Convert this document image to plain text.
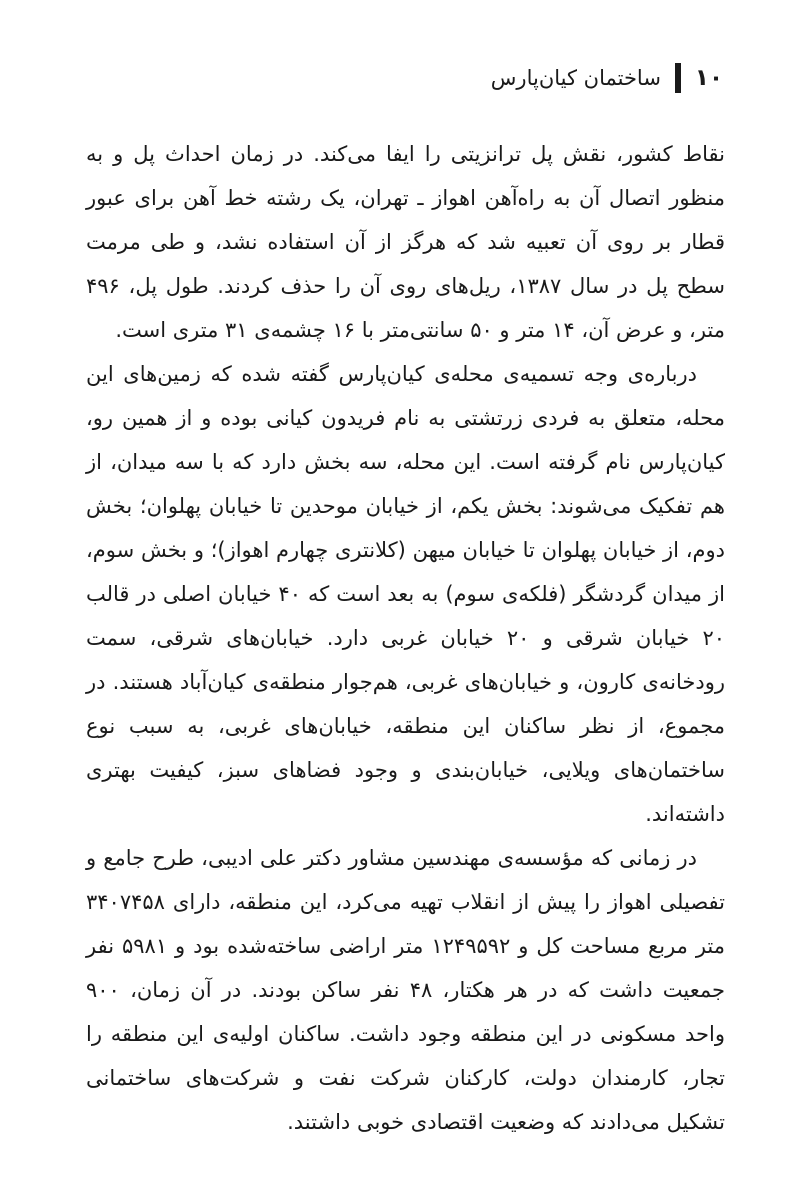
۱۰
ساختمان کیان‌پارس

نقاط کشور، نقش پل ترانزیتی را ایفا می‌کند. در زمان احداث پل و به منظور اتصال آن به راه‌آهن اهواز ـ تهران، یک رشته خط آهن برای عبور قطار بر روی آن تعبیه شد که هرگز از آن استفاده نشد، و طی مرمت سطح پل در سال ۱۳۸۷، ریل‌های روی آن را حذف کردند. طول پل، ۴۹۶ متر، و عرض آن، ۱۴ متر و ۵۰ سانتی‌متر با ۱۶ چشمه‌ی ۳۱ متری است.

درباره‌ی وجه تسمیه‌ی محله‌ی کیان‌پارس گفته شده که زمین‌های این محله، متعلق به فردی زرتشتی به نام فریدون کیانی بوده و از همین رو، کیان‌پارس نام گرفته است. این محله، سه بخش دارد که با سه میدان، از هم تفکیک می‌شوند: بخش یکم، از خیابان موحدین تا خیابان پهلوان؛ بخش دوم، از خیابان پهلوان تا خیابان میهن (کلانتری چهارم اهواز)؛ و بخش سوم، از میدان گردشگر (فلکه‌ی سوم) به بعد است که ۴۰ خیابان اصلی در قالب ۲۰ خیابان شرقی و ۲۰ خیابان غربی دارد. خیابان‌های شرقی، سمت رودخانه‌ی کارون، و خیابان‌های غربی، هم‌جوار منطقه‌ی کیان‌آباد هستند. در مجموع، از نظر ساکنان این منطقه، خیابان‌های غربی، به سبب نوع ساختمان‌های ویلایی، خیابان‌بندی و وجود فضاهای سبز، کیفیت بهتری داشته‌اند.

در زمانی که مؤسسه‌ی مهندسین مشاور دکتر علی ادیبی، طرح جامع و تفصیلی اهواز را پیش از انقلاب تهیه می‌کرد، این منطقه، دارای ۳۴۰۷۴۵۸ متر مربع مساحت کل و ۱۲۴۹۵۹۲ متر اراضی ساخته‌شده بود و ۵۹۸۱ نفر جمعیت داشت که در هر هکتار، ۴۸ نفر ساکن بودند. در آن زمان، ۹۰۰ واحد مسکونی در این منطقه وجود داشت. ساکنان اولیه‌ی این منطقه را تجار، کارمندان دولت، کارکنان شرکت نفت و شرکت‌های ساختمانی تشکیل می‌دادند که وضعیت اقتصادی خوبی داشتند.
